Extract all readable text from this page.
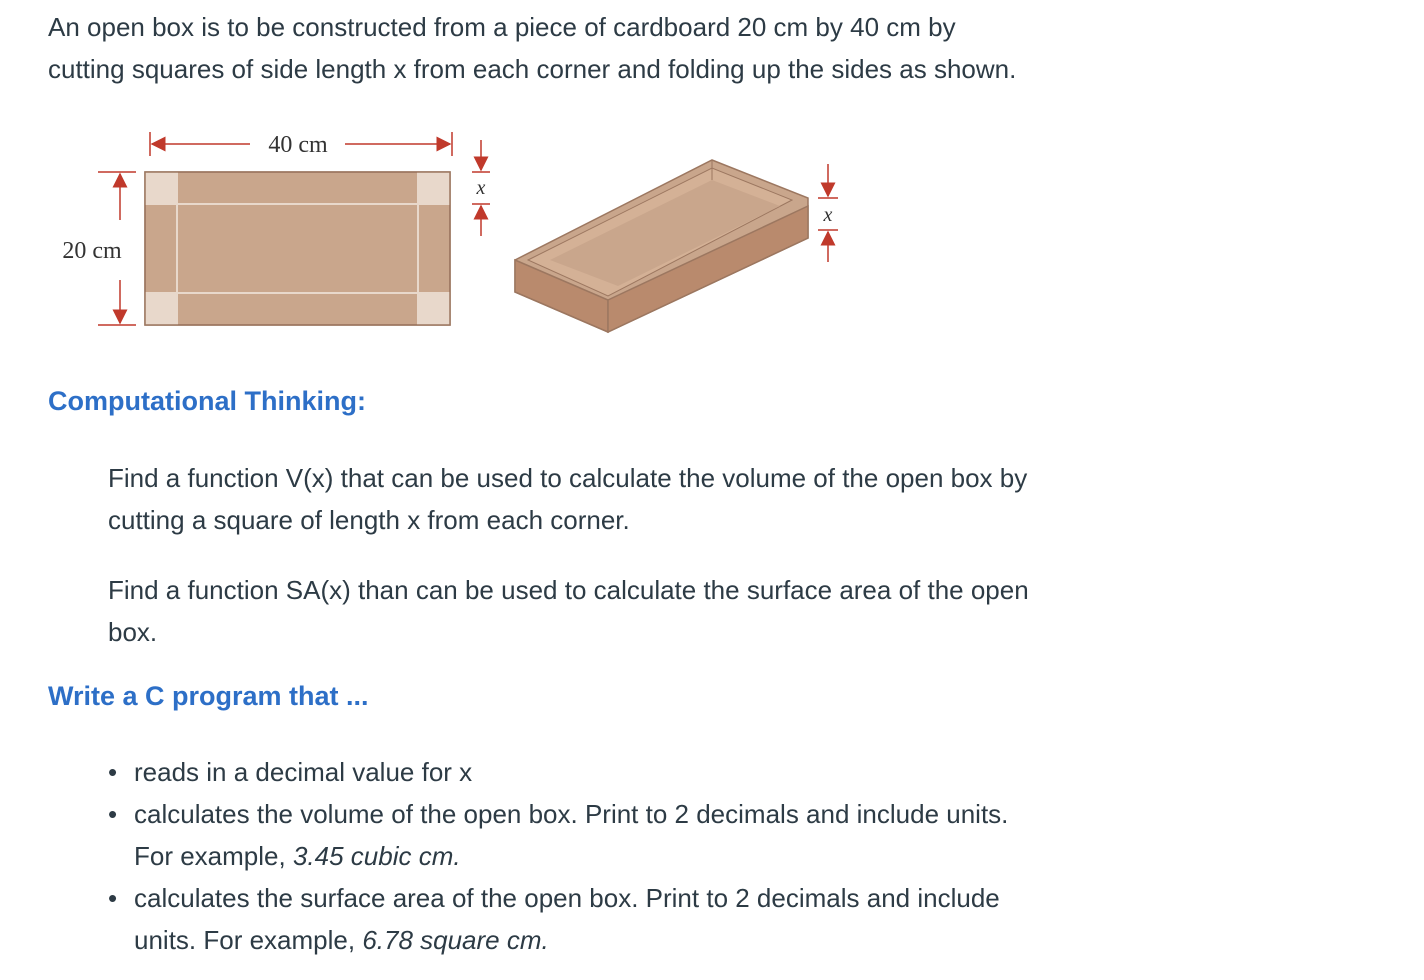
An open box is to be constructed from a piece of cardboard 20 cm by 40 cm by
cutting squares of side length x from each corner and folding up the sides as shown.
40 cm
20 cm
x
x
Computational Thinking:
Find a function V(x) that can be used to calculate the volume of the open box by
cutting a square of length x from each corner.
Find a function SA(x) than can be used to calculate the surface area of the open
box.
Write a C program that ...
• reads in a decimal value for x
• calculates the volume of the open box. Print to 2 decimals and include units.
For example, 3.45 cubic cm.
• calculates the surface area of the open box. Print to 2 decimals and include
units. For example, 6.78 square cm.
